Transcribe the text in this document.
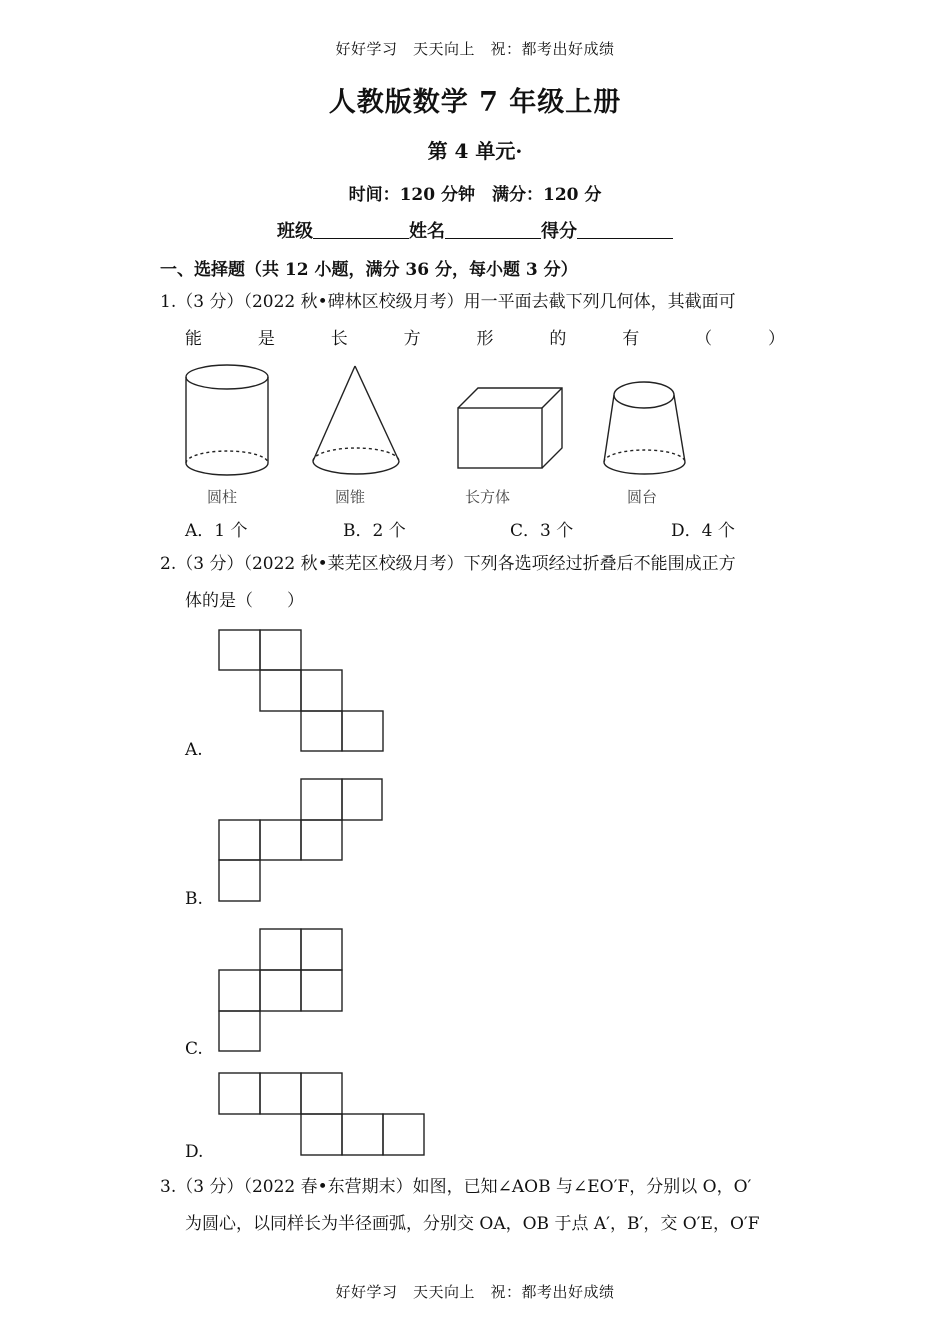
好好学习　天天向上　祝：都考出好成绩
人教版数学 7 年级上册
第 4 单元·
时间：120 分钟　满分：120 分
班级	姓名	得分
一、选择题（共 12 小题，满分 36 分，每小题 3 分）
1.（3 分）（2022 秋•碑林区校级月考）用一平面去截下列几何体，其截面可
能	是	长	方	形	的	有	（	）
圆柱	圆锥	长方体	圆台
A．1 个	B．2 个	C．3 个	D．4 个
2.（3 分）（2022 秋•莱芜区校级月考）下列各选项经过折叠后不能围成正方
体的是（　　）
A.
B.
C.
D.
3.（3 分）（2022 春•东营期末）如图，已知∠AOB 与∠EO′F，分别以 O，O′
为圆心，以同样长为半径画弧，分别交 OA，OB 于点 A′，B′，交 O′E，O′F
好好学习　天天向上　祝：都考出好成绩
